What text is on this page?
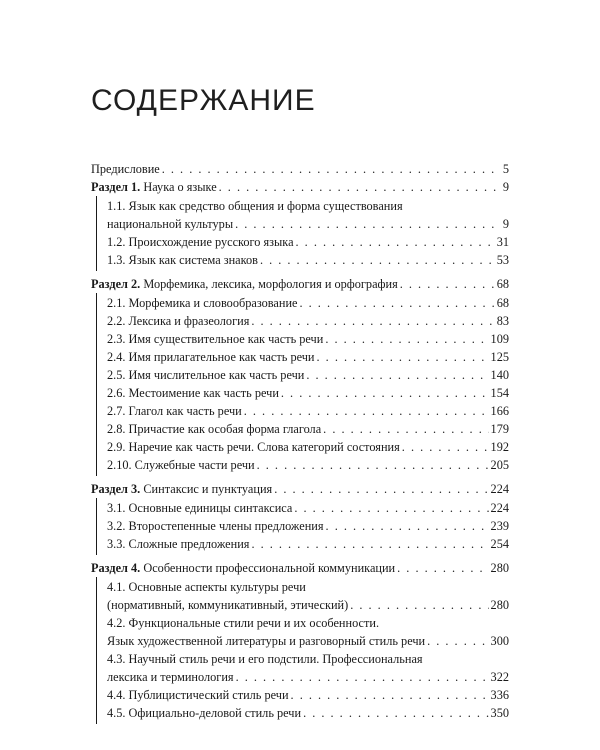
СОДЕРЖАНИЕ
Предисловие . . .	5
Раздел 1. Наука о языке . . .	9
1.1. Язык как средство общения и форма существования
национальной культуры . . .	9
1.2. Происхождение русского языка . . .	31
1.3. Язык как система знаков . . .	53
Раздел 2. Морфемика, лексика, морфология и орфография . . .	68
2.1. Морфемика и словообразование . . .	68
2.2. Лексика и фразеология . . .	83
2.3. Имя существительное как часть речи . . .	109
2.4. Имя прилагательное как часть речи . . .	125
2.5. Имя числительное как часть речи . . .	140
2.6. Местоимение как часть речи . . .	154
2.7. Глагол как часть речи . . .	166
2.8. Причастие как особая форма глагола . . .	179
2.9. Наречие как часть речи. Слова категорий состояния . . .	192
2.10. Служебные части речи . . .	205
Раздел 3. Синтаксис и пунктуация . . .	224
3.1. Основные единицы синтаксиса . . .	224
3.2. Второстепенные члены предложения . . .	239
3.3. Сложные предложения . . .	254
Раздел 4. Особенности профессиональной коммуникации . . .	280
4.1. Основные аспекты культуры речи
(нормативный, коммуникативный, этический) . . .	280
4.2. Функциональные стили речи и их особенности.
Язык художественной литературы и разговорный стиль речи . . .	300
4.3. Научный стиль речи и его подстили. Профессиональная
лексика и терминология . . .	322
4.4. Публицистический стиль речи . . .	336
4.5. Официально-деловой стиль речи . . .	350
